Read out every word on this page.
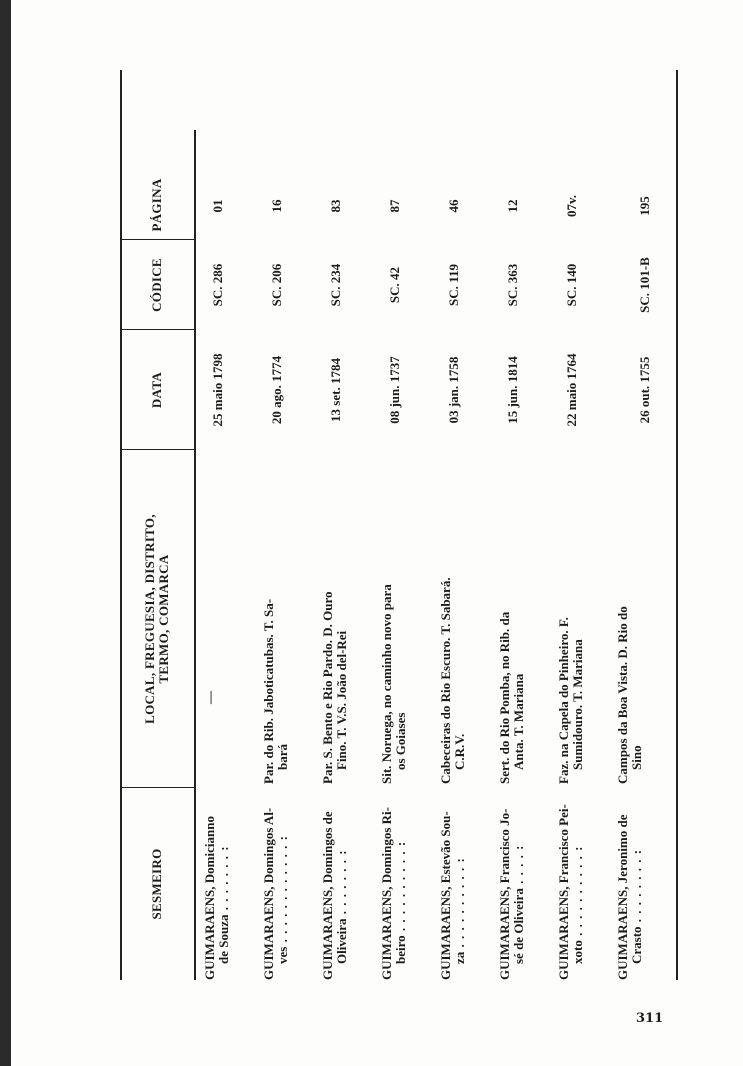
SESMEIRO
LOCAL, FREGUESIA, DISTRITO, TERMO, COMARCA
DATA
CÓDICE
PÁGINA
GUIMARAENS, Domicianno de Souza . . . . . . . :
—
25 maio 1798
SC. 286
01
GUIMARAENS, Domingos Al- ves . . . . . . . . . . . . :
Par. do Rib. Jaboticatubas. T. Sa- bará
20 ago. 1774
SC. 206
16
GUIMARAENS, Domingos de Oliveira . . . . . . . :
Par. S. Bento e Rio Pardo. D. Ouro Fino. T. V.S. João del-Rei
13 set. 1784
SC. 234
83
GUIMARAENS, Domingos Ri- beiro . . . . . . . . . . :
Sit. Noruega, no caminho novo para os Goiases
08 jun. 1737
SC. 42
87
GUIMARAENS, Estevão Sou- za . . . . . . . . . . :
Cabeceiras do Rio Escuro. T. Sabará. C.R.V.
03 jan. 1758
SC. 119
46
GUIMARAENS, Francisco Jo- sé de Oliveira . . . . :
Sert. do Rio Pomba, no Rib. da Anta. T. Mariana
15 jun. 1814
SC. 363
12
GUIMARAENS, Francisco Pei- xoto . . . . . . . . . . :
Faz. na Capela do Pinheiro. F. Sumidouro. T. Mariana
22 maio 1764
SC. 140
07v.
GUIMARAENS, Jeronimo de Crasto . . . . . . . . :
Campos da Boa Vista. D. Rio do Sino
26 out. 1755
SC. 101-B
195
311
